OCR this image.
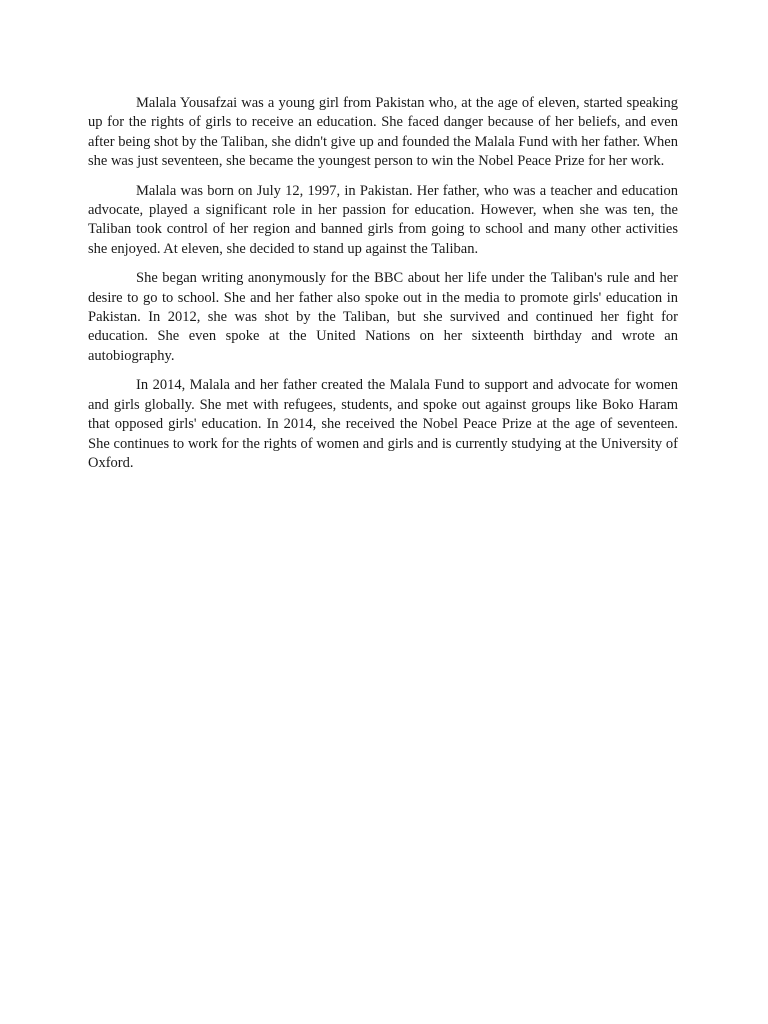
Malala Yousafzai was a young girl from Pakistan who, at the age of eleven, started speaking up for the rights of girls to receive an education. She faced danger because of her beliefs, and even after being shot by the Taliban, she didn't give up and founded the Malala Fund with her father. When she was just seventeen, she became the youngest person to win the Nobel Peace Prize for her work.

Malala was born on July 12, 1997, in Pakistan. Her father, who was a teacher and education advocate, played a significant role in her passion for education. However, when she was ten, the Taliban took control of her region and banned girls from going to school and many other activities she enjoyed. At eleven, she decided to stand up against the Taliban.

She began writing anonymously for the BBC about her life under the Taliban's rule and her desire to go to school. She and her father also spoke out in the media to promote girls' education in Pakistan. In 2012, she was shot by the Taliban, but she survived and continued her fight for education. She even spoke at the United Nations on her sixteenth birthday and wrote an autobiography.

In 2014, Malala and her father created the Malala Fund to support and advocate for women and girls globally. She met with refugees, students, and spoke out against groups like Boko Haram that opposed girls' education. In 2014, she received the Nobel Peace Prize at the age of seventeen. She continues to work for the rights of women and girls and is currently studying at the University of Oxford.
